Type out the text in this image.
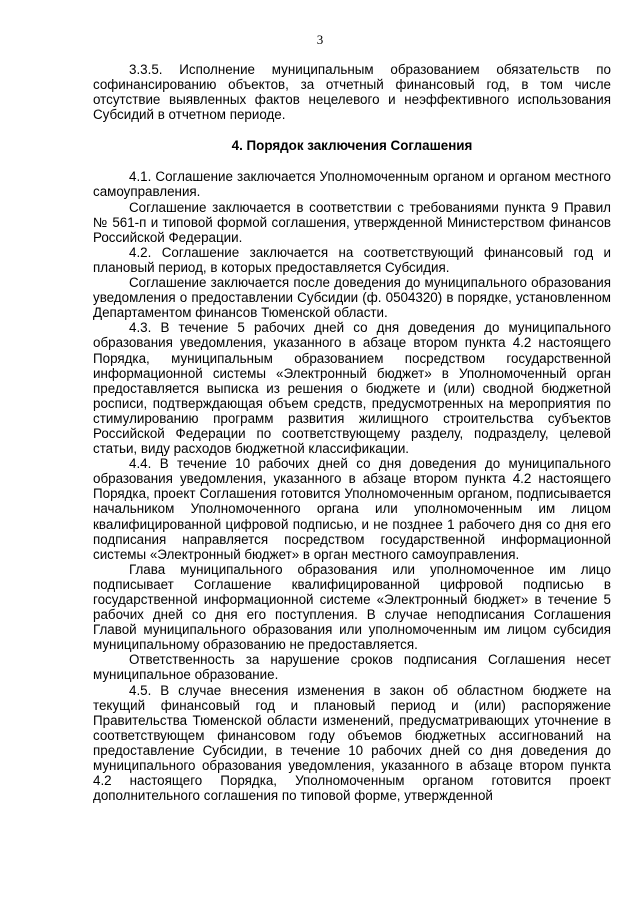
3

3.3.5. Исполнение муниципальным образованием обязательств по софинансированию объектов, за отчетный финансовый год, в том числе отсутствие выявленных фактов нецелевого и неэффективного использования Субсидий в отчетном периоде.

4. Порядок заключения Соглашения

4.1. Соглашение заключается Уполномоченным органом и органом местного самоуправления.

Соглашение заключается в соответствии с требованиями пункта 9 Правил № 561-п и типовой формой соглашения, утвержденной Министерством финансов Российской Федерации.

4.2. Соглашение заключается на соответствующий финансовый год и плановый период, в которых предоставляется Субсидия.

Соглашение заключается после доведения до муниципального образования уведомления о предоставлении Субсидии (ф. 0504320) в порядке, установленном Департаментом финансов Тюменской области.

4.3. В течение 5 рабочих дней со дня доведения до муниципального образования уведомления, указанного в абзаце втором пункта 4.2 настоящего Порядка, муниципальным образованием посредством государственной информационной системы «Электронный бюджет» в Уполномоченный орган предоставляется выписка из решения о бюджете и (или) сводной бюджетной росписи, подтверждающая объем средств, предусмотренных на мероприятия по стимулированию программ развития жилищного строительства субъектов Российской Федерации по соответствующему разделу, подразделу, целевой статьи, виду расходов бюджетной классификации.

4.4. В течение 10 рабочих дней со дня доведения до муниципального образования уведомления, указанного в абзаце втором пункта 4.2 настоящего Порядка, проект Соглашения готовится Уполномоченным органом, подписывается начальником Уполномоченного органа или уполномоченным им лицом квалифицированной цифровой подписью, и не позднее 1 рабочего дня со дня его подписания направляется посредством государственной информационной системы «Электронный бюджет» в орган местного самоуправления.

Глава муниципального образования или уполномоченное им лицо подписывает Соглашение квалифицированной цифровой подписью в государственной информационной системе «Электронный бюджет» в течение 5 рабочих дней со дня его поступления. В случае неподписания Соглашения Главой муниципального образования или уполномоченным им лицом субсидия муниципальному образованию не предоставляется.

Ответственность за нарушение сроков подписания Соглашения несет муниципальное образование.

4.5. В случае внесения изменения в закон об областном бюджете на текущий финансовый год и плановый период и (или) распоряжение Правительства Тюменской области изменений, предусматривающих уточнение в соответствующем финансовом году объемов бюджетных ассигнований на предоставление Субсидии, в течение 10 рабочих дней со дня доведения до муниципального образования уведомления, указанного в абзаце втором пункта 4.2 настоящего Порядка, Уполномоченным органом готовится проект дополнительного соглашения по типовой форме, утвержденной
